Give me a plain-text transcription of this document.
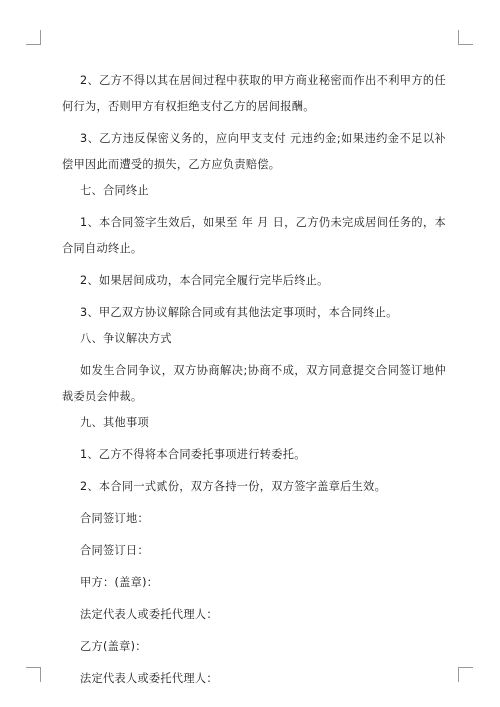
2、乙方不得以其在居间过程中获取的甲方商业秘密而作出不利甲方的任何行为，否则甲方有权拒绝支付乙方的居间报酬。

3、乙方违反保密义务的，应向甲支支付 元违约金;如果违约金不足以补偿甲因此而遭受的损失，乙方应负责赔偿。

七、合同终止

1、本合同签字生效后，如果至 年 月 日，乙方仍未完成居间任务的，本合同自动终止。

2、如果居间成功，本合同完全履行完毕后终止。

3、甲乙双方协议解除合同或有其他法定事项时，本合同终止。

八、争议解决方式

如发生合同争议，双方协商解决;协商不成，双方同意提交合同签订地仲裁委员会仲裁。

九、其他事项

1、乙方不得将本合同委托事项进行转委托。

2、本合同一式贰份，双方各持一份，双方签字盖章后生效。

合同签订地：

合同签订日：

甲方：(盖章)：

法定代表人或委托代理人：

乙方(盖章)：

法定代表人或委托代理人：
